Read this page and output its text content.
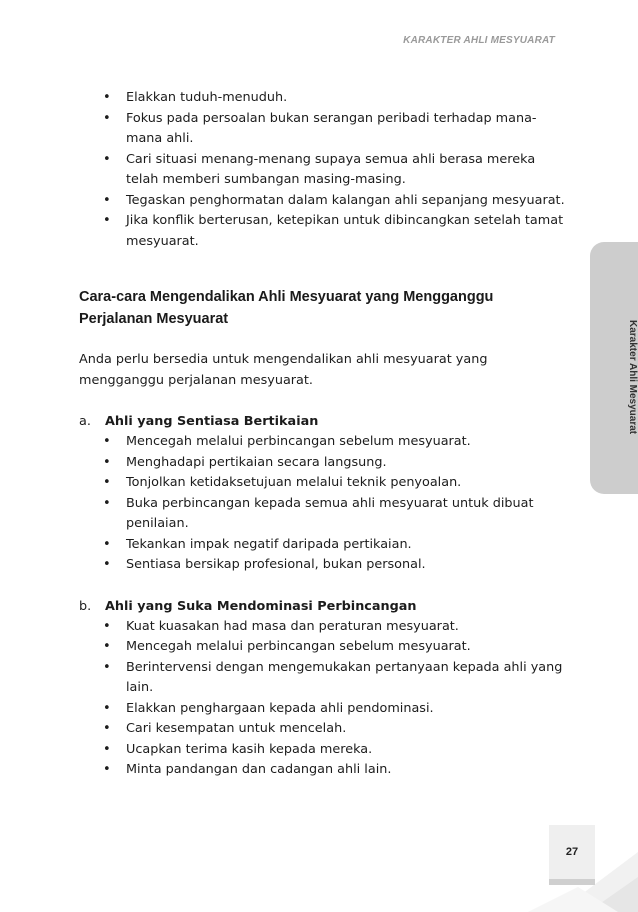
KARAKTER AHLI MESYUARAT
Karakter Ahli Mesyuarat
27
• Elakkan tuduh-menuduh.
• Fokus pada persoalan bukan serangan peribadi terhadap mana-mana ahli.
• Cari situasi menang-menang supaya semua ahli berasa mereka telah memberi sumbangan masing-masing.
• Tegaskan penghormatan dalam kalangan ahli sepanjang mesyuarat.
• Jika konflik berterusan, ketepikan untuk dibincangkan setelah tamat mesyuarat.
Cara-cara Mengendalikan Ahli Mesyuarat yang Mengganggu Perjalanan Mesyuarat
Anda perlu bersedia untuk mengendalikan ahli mesyuarat yang mengganggu perjalanan mesyuarat.
a.	Ahli yang Sentiasa Bertikaian
• Mencegah melalui perbincangan sebelum mesyuarat.
• Menghadapi pertikaian secara langsung.
• Tonjolkan ketidaksetujuan melalui teknik penyoalan.
• Buka perbincangan kepada semua ahli mesyuarat untuk dibuat penilaian.
• Tekankan impak negatif daripada pertikaian.
• Sentiasa bersikap profesional, bukan personal.
b.	Ahli yang Suka Mendominasi Perbincangan
• Kuat kuasakan had masa dan peraturan mesyuarat.
• Mencegah melalui perbincangan sebelum mesyuarat.
• Berintervensi dengan mengemukakan pertanyaan kepada ahli yang lain.
• Elakkan penghargaan kepada ahli pendominasi.
• Cari kesempatan untuk mencelah.
• Ucapkan terima kasih kepada mereka.
• Minta pandangan dan cadangan ahli lain.
